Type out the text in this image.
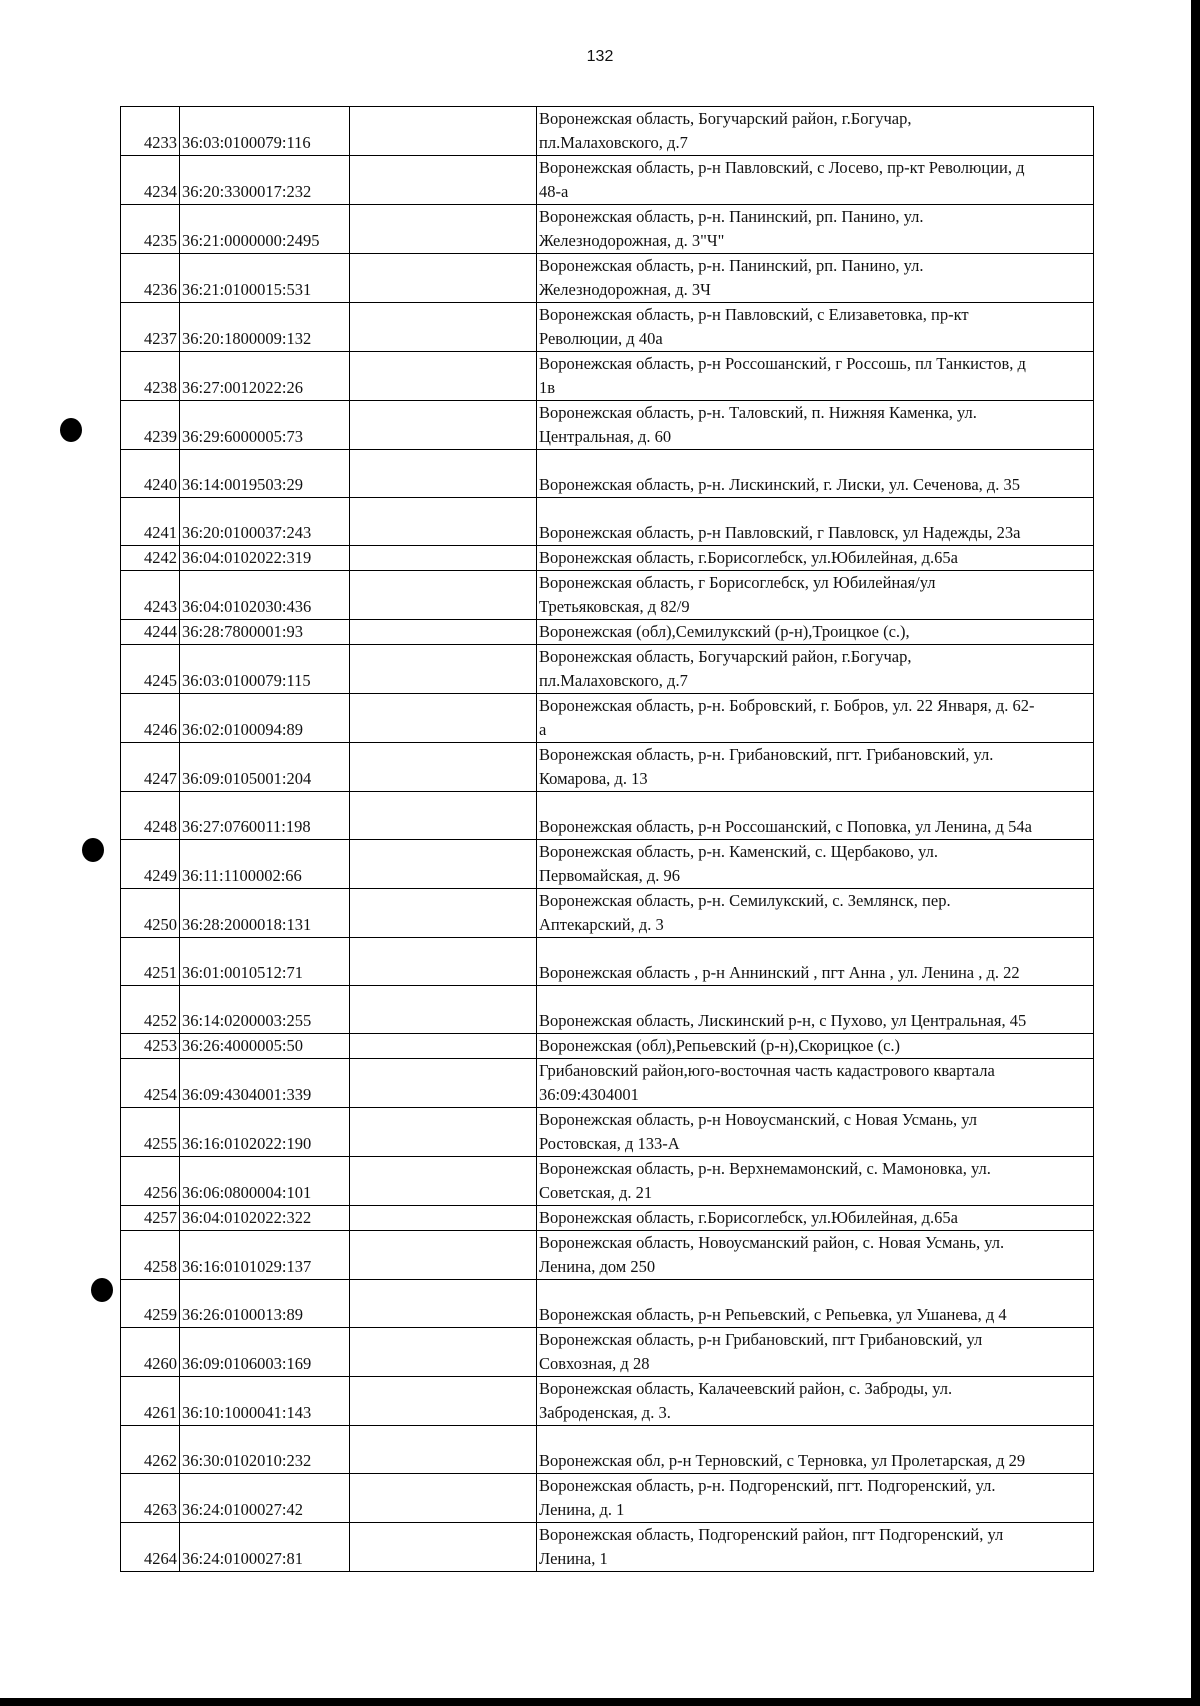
132
4233	36:03:0100079:116		Воронежская область, Богучарский район, г.Богучар,
пл.Малаховского, д.7
4234	36:20:3300017:232		Воронежская область, р-н Павловский, с Лосево, пр-кт Революции, д
48-а
4235	36:21:0000000:2495		Воронежская область, р-н. Панинский, рп. Панино, ул.
Железнодорожная, д. 3"Ч"
4236	36:21:0100015:531		Воронежская область, р-н. Панинский, рп. Панино, ул.
Железнодорожная, д. 3Ч
4237	36:20:1800009:132		Воронежская область, р-н Павловский, с Елизаветовка, пр-кт
Революции, д 40а
4238	36:27:0012022:26		Воронежская область, р-н Россошанский, г Россошь, пл Танкистов, д
1в
4239	36:29:6000005:73		Воронежская область, р-н. Таловский, п. Нижняя Каменка, ул.
Центральная, д. 60
4240	36:14:0019503:29		Воронежская область, р-н. Лискинский, г. Лиски, ул. Сеченова, д. 35
4241	36:20:0100037:243		Воронежская область, р-н Павловский, г Павловск, ул Надежды, 23а
4242	36:04:0102022:319		Воронежская область, г.Борисоглебск, ул.Юбилейная, д.65а
4243	36:04:0102030:436		Воронежская область, г Борисоглебск, ул Юбилейная/ул
Третьяковская, д 82/9
4244	36:28:7800001:93		Воронежская (обл),Семилукский (р-н),Троицкое (с.),
4245	36:03:0100079:115		Воронежская область, Богучарский район, г.Богучар,
пл.Малаховского, д.7
4246	36:02:0100094:89		Воронежская область, р-н. Бобровский, г. Бобров, ул. 22 Января, д. 62-
а
4247	36:09:0105001:204		Воронежская область, р-н. Грибановский, пгт. Грибановский, ул.
Комарова, д. 13
4248	36:27:0760011:198		Воронежская область, р-н Россошанский, с Поповка, ул Ленина, д 54а
4249	36:11:1100002:66		Воронежская область, р-н. Каменский, с. Щербаково, ул.
Первомайская, д. 96
4250	36:28:2000018:131		Воронежская область, р-н. Семилукский, с. Землянск, пер.
Аптекарский, д. 3
4251	36:01:0010512:71		Воронежская область , р-н Аннинский , пгт Анна , ул. Ленина , д. 22
4252	36:14:0200003:255		Воронежская область, Лискинский р-н, с Пухово, ул Центральная, 45
4253	36:26:4000005:50		Воронежская (обл),Репьевский (р-н),Скорицкое (с.)
4254	36:09:4304001:339		Грибановский район,юго-восточная часть кадастрового квартала
36:09:4304001
4255	36:16:0102022:190		Воронежская область, р-н Новоусманский, с Новая Усмань, ул
Ростовская, д 133-А
4256	36:06:0800004:101		Воронежская область, р-н. Верхнемамонский, с. Мамоновка, ул.
Советская, д. 21
4257	36:04:0102022:322		Воронежская область, г.Борисоглебск, ул.Юбилейная, д.65а
4258	36:16:0101029:137		Воронежская область, Новоусманский район, с. Новая Усмань, ул.
Ленина, дом 250
4259	36:26:0100013:89		Воронежская область, р-н Репьевский, с Репьевка, ул Ушанева, д 4
4260	36:09:0106003:169		Воронежская область, р-н Грибановский, пгт Грибановский, ул
Совхозная, д 28
4261	36:10:1000041:143		Воронежская область, Калачеевский район, с. Заброды, ул.
Заброденская, д. 3.
4262	36:30:0102010:232		Воронежская обл, р-н Терновский, с Терновка, ул Пролетарская, д 29
4263	36:24:0100027:42		Воронежская область, р-н. Подгоренский, пгт. Подгоренский, ул.
Ленина, д. 1
4264	36:24:0100027:81		Воронежская область, Подгоренский район, пгт Подгоренский, ул
Ленина, 1
